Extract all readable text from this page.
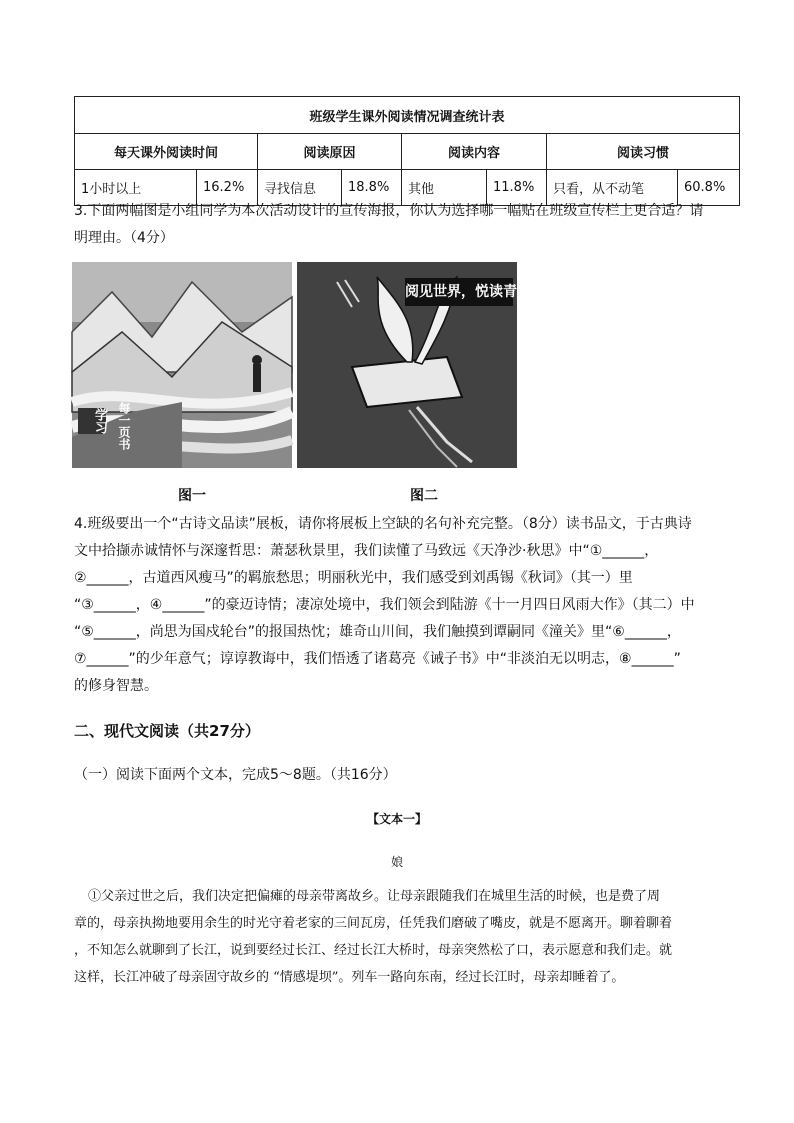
班级学生课外阅读情况调查统计表							
每天课外阅读时间		阅读原因		阅读内容		阅读习惯	
1小时以上	16.2%	寻找信息	18.8%	其他	11.8%	只看，从不动笔	60.8%
3.下面两幅图是小组同学为本次活动设计的宣传海报，你认为选择哪一幅贴在班级宣传栏上更合适？请
明理由。（4分）
学习 每一页书
阅见世界，悦读青春
图一	图二
4.班级要出一个“古诗文品读”展板，请你将展板上空缺的名句补充完整。（8分）读书品文，于古典诗
文中拾撷赤诚情怀与深邃哲思：萧瑟秋景里，我们读懂了马致远《天净沙·秋思》中“①______，
②______，古道西风瘦马”的羁旅愁思；明丽秋光中，我们感受到刘禹锡《秋词》（其一）里
“③______，④______”的豪迈诗情；凄凉处境中，我们领会到陆游《十一月四日风雨大作》（其二）中
“⑤______，尚思为国戍轮台”的报国热忱；雄奇山川间，我们触摸到谭嗣同《潼关》里“⑥______，
⑦______”的少年意气；谆谆教诲中，我们悟透了诸葛亮《诫子书》中“非淡泊无以明志，⑧______”
的修身智慧。
二、现代文阅读（共27分）
（一）阅读下面两个文本，完成5～8题。（共16分）
【文本一】
娘
①父亲过世之后，我们决定把偏瘫的母亲带离故乡。让母亲跟随我们在城里生活的时候，也是费了周
章的，母亲执拗地要用余生的时光守着老家的三间瓦房，任凭我们磨破了嘴皮，就是不愿离开。聊着聊着
，不知怎么就聊到了长江，说到要经过长江、经过长江大桥时，母亲突然松了口，表示愿意和我们走。就
这样，长江冲破了母亲固守故乡的 “情感堤坝”。列车一路向东南，经过长江时，母亲却睡着了。
